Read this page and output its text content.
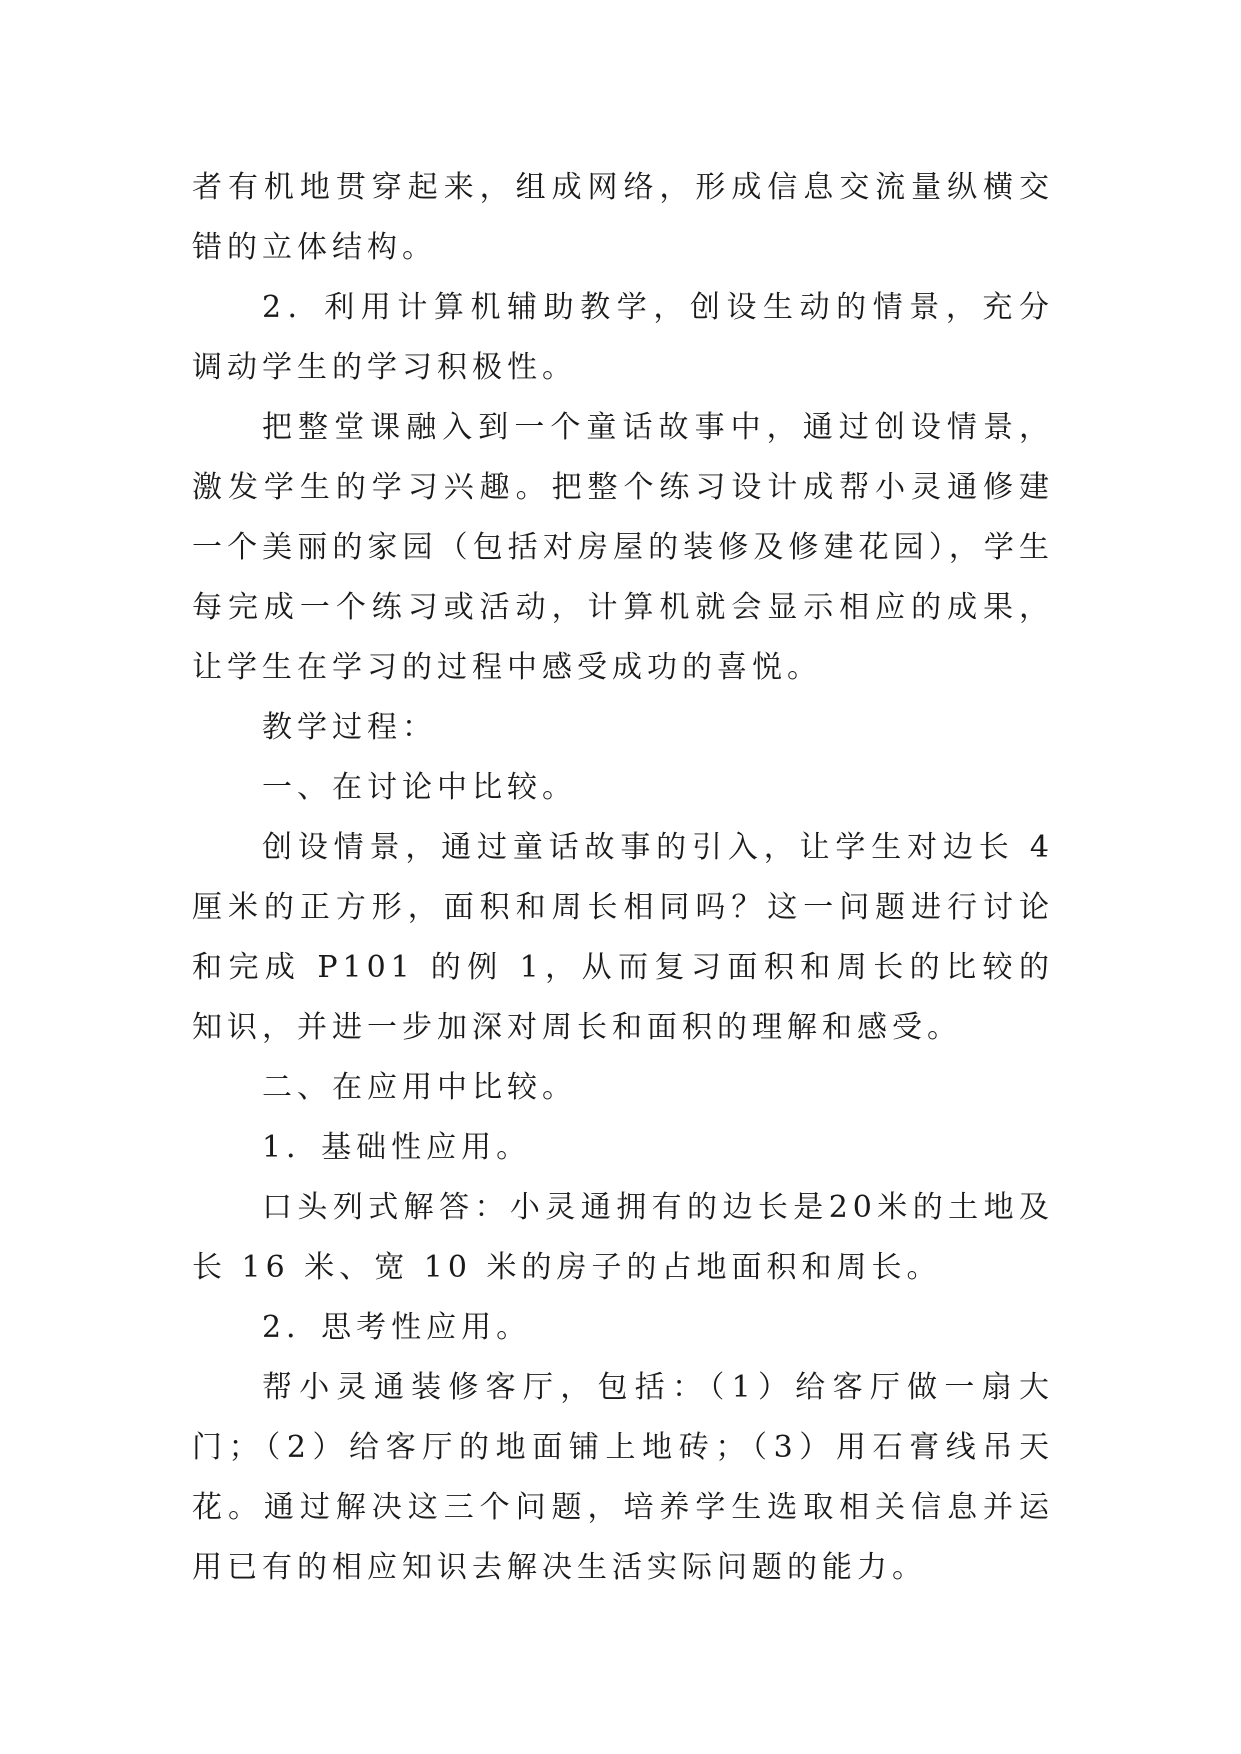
者有机地贯穿起来，组成网络，形成信息交流量纵横交错的立体结构。

2．利用计算机辅助教学，创设生动的情景，充分调动学生的学习积极性。

把整堂课融入到一个童话故事中，通过创设情景，激发学生的学习兴趣。把整个练习设计成帮小灵通修建一个美丽的家园（包括对房屋的装修及修建花园），学生每完成一个练习或活动，计算机就会显示相应的成果，让学生在学习的过程中感受成功的喜悦。

教学过程：

一、在讨论中比较。

创设情景，通过童话故事的引入，让学生对边长 4 厘米的正方形，面积和周长相同吗？这一问题进行讨论和完成 P101 的例 1，从而复习面积和周长的比较的知识，并进一步加深对周长和面积的理解和感受。

二、在应用中比较。

1．基础性应用。

口头列式解答：小灵通拥有的边长是20米的土地及长 16 米、宽 10 米的房子的占地面积和周长。

2．思考性应用。

帮小灵通装修客厅，包括：（1）给客厅做一扇大门；（2）给客厅的地面铺上地砖；（3）用石膏线吊天花。通过解决这三个问题，培养学生选取相关信息并运用已有的相应知识去解决生活实际问题的能力。
